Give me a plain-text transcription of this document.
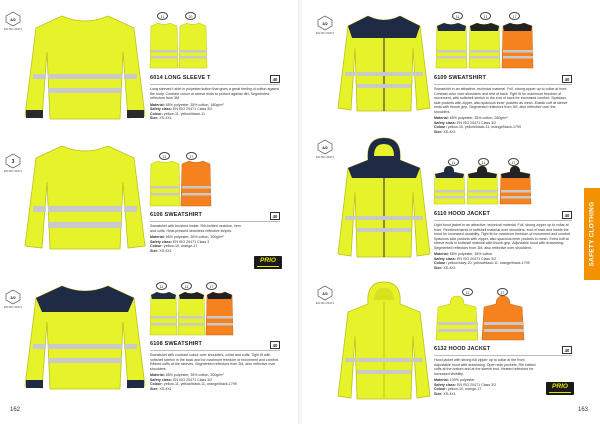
SAFETY CLOTHING
162	163
3/2
EN ISO 20471
11	20
6014 LONG SLEEVE T	40

Long sleeved t-shirt in polyester/cotton that gives a great feeling of cotton against the body. Contrast colour at sleeve ends to protect against dirt. Segmented reflectors from 3M.

Material: 65% polyester, 35% cotton, 180g/m²
Safety class: EN ISO 20471 Class 3/2
Colour: yellow-11, yellow/black-11
Size: XS-4XL
3
EN ISO 20471
11	17
6106 SWEATSHIRT	40

Sweatshirt with brushed inside. Rib-knitted neckline, hem and cuffs. Heat-pressed seamless reflective stripes.

Material: 65% polyester, 35% cotton, 300g/m²
Safety class: EN ISO 20471 Class 3
Colour: yellow-10, orange-17
Size: XS-4XL
PRIO
3/2
EN ISO 20471
11	11	17
6108 SWEATSHIRT	40

Sweatshirt with contrast colour over shoulders, collar and cuffs. Tight fit with softshell stretch in the back and for maximum freedom of movement and comfort. Ribbed cuffs at the sleeves. Segmented reflectors from 3M, also reflective over shoulders.

Material: 65% polyester, 35% cotton, 300g/m²
Safety class: EN ISO 20471 Class 3/2
Colour: yellow-11, yellow/black-11, orange/black-1799
Size: XS-4XL
3/2
EN ISO 20471
11	11	17
6109 SWEATSHIRT	40

Sweatshirt in an attractive, technical material. Full, strong zipper up to collar at front. Contrast color over shoulders and rest of back. Tight fit for maximum freedom of movement, with softshell stretch in the end of back for increased comfort. Spacious side pockets with zipper, also spacious inner pockets as mesh. Elastic cuff at sleeve ends with thumb grip. Segmented reflectors from 3M, also reflective over the shoulders.

Material: 65% polyester, 35% cotton, 280g/m²
Safety class: EN ISO 20471 Class 3/2
Colour: yellow-10, yellow/black-11, orange/black-1799
Size: XS-4XL
3/2
EN ISO 20471
11	11	17
6110 HOOD JACKET	40

Light hood jacket in an attractive, technical material. Full, strong zipper up to collar at front. Reinforcements in softshell material over shoulders, end of back and inside the hood for increased durability. Tight fit for maximum freedom of movement and comfort. Spacious side pockets with zipper, also spacious inner pockets in mesh. Extra cuff at sleeve ends in softshell material with thumb grip. Adjustable hood with drawstring. Segmented reflectors from 3M, also reflective over shoulders.

Material: 65% polyester, 35% cotton
Safety class: EN ISO 20471 Class 3/2
Colour: yellow/navy-10, yellow/black-11, orange/black-1799
Size: XS-4XL
3/2
EN ISO 20471
11	17
6132 HOOD JACKET	40

Hood jacket with strong full zipper up to collar at the front. Adjustable hood with drawstring. Open side pockets. Rib knitted cuffs at the bottom and at the sleeve end. Heated reflectors for increased visibility.

Material: 100% polyester
Safety class: EN ISO 20471 Class 3/2
Colour: yellow-10, orange-17
Size: XS-4XL
PRIO
